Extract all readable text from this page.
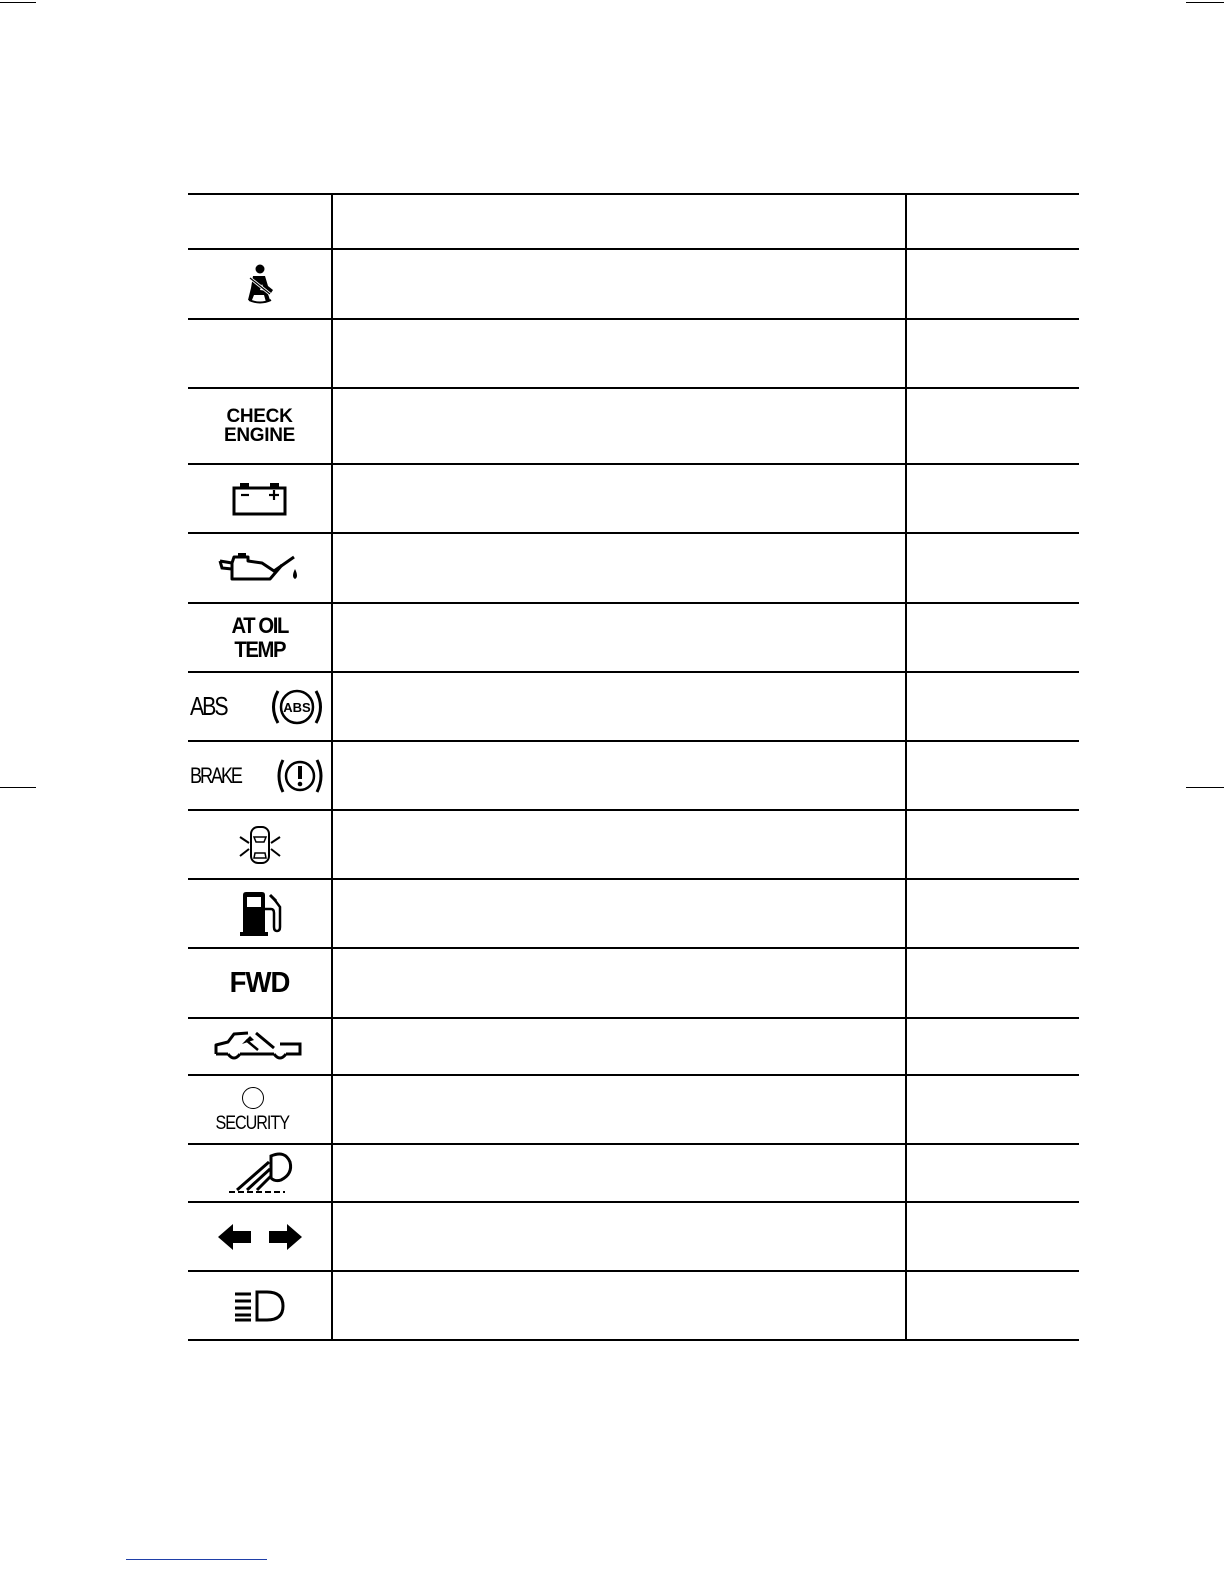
CHECK
ENGINE
AT OIL
TEMP
ABS	ABS
BRAKE
FWD
SECURITY
